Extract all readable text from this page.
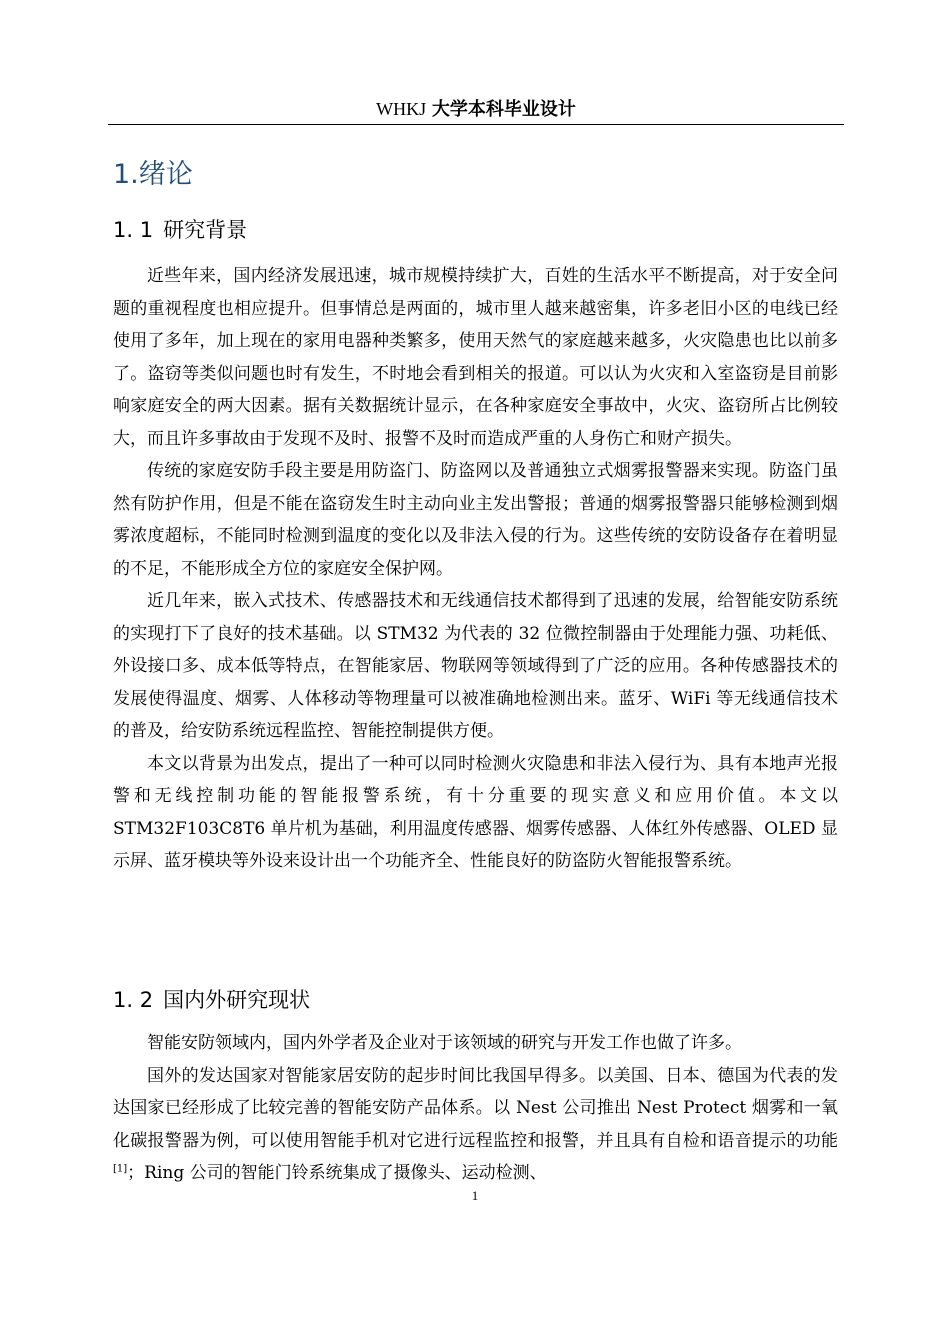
WHKJ 大学本科毕业设计
1.绪论
1. 1 研究背景

近些年来，国内经济发展迅速，城市规模持续扩大，百姓的生活水平不断提高，对于安全问题的重视程度也相应提升。但事情总是两面的，城市里人越来越密集，许多老旧小区的电线已经使用了多年，加上现在的家用电器种类繁多，使用天然气的家庭越来越多，火灾隐患也比以前多了。盗窃等类似问题也时有发生，不时地会看到相关的报道。可以认为火灾和入室盗窃是目前影响家庭安全的两大因素。据有关数据统计显示，在各种家庭安全事故中，火灾、盗窃所占比例较大，而且许多事故由于发现不及时、报警不及时而造成严重的人身伤亡和财产损失。

传统的家庭安防手段主要是用防盗门、防盗网以及普通独立式烟雾报警器来实现。防盗门虽然有防护作用，但是不能在盗窃发生时主动向业主发出警报；普通的烟雾报警器只能够检测到烟雾浓度超标，不能同时检测到温度的变化以及非法入侵的行为。这些传统的安防设备存在着明显的不足，不能形成全方位的家庭安全保护网。

近几年来，嵌入式技术、传感器技术和无线通信技术都得到了迅速的发展，给智能安防系统的实现打下了良好的技术基础。以 STM32 为代表的 32 位微控制器由于处理能力强、功耗低、外设接口多、成本低等特点，在智能家居、物联网等领域得到了广泛的应用。各种传感器技术的发展使得温度、烟雾、人体移动等物理量可以被准确地检测出来。蓝牙、WiFi 等无线通信技术的普及，给安防系统远程监控、智能控制提供方便。

本文以背景为出发点，提出了一种可以同时检测火灾隐患和非法入侵行为、具有本地声光报警和无线控制功能的智能报警系统，有十分重要的现实意义和应用价值。本文以 STM32F103C8T6 单片机为基础，利用温度传感器、烟雾传感器、人体红外传感器、OLED 显示屏、蓝牙模块等外设来设计出一个功能齐全、性能良好的防盗防火智能报警系统。

1. 2 国内外研究现状

智能安防领域内，国内外学者及企业对于该领域的研究与开发工作也做了许多。

国外的发达国家对智能家居安防的起步时间比我国早得多。以美国、日本、德国为代表的发达国家已经形成了比较完善的智能安防产品体系。以 Nest 公司推出 Nest Protect 烟雾和一氧化碳报警器为例，可以使用智能手机对它进行远程监控和报警，并且具有自检和语音提示的功能[1]；Ring 公司的智能门铃系统集成了摄像头、运动检测、

1
